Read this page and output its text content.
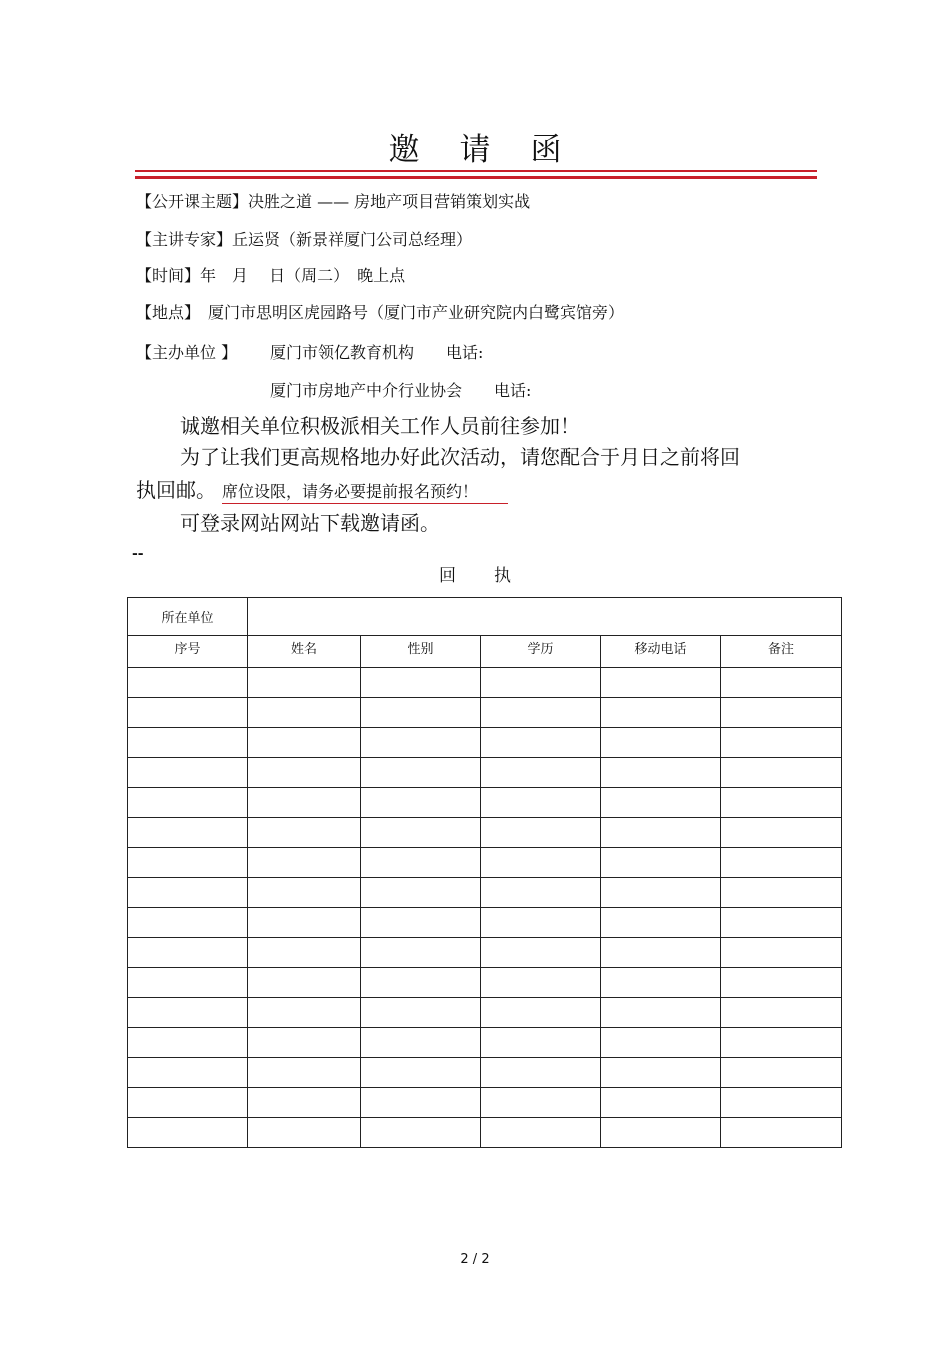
邀请函
【公开课主题】决胜之道 —— 房地产项目营销策划实战
【主讲专家】丘运贤（新景祥厦门公司总经理）
【时间】年　月　 日（周二）　晚上点
【地点】　厦门市思明区虎园路号（厦门市产业研究院内白鹭宾馆旁）
【主办单位 】 厦门市领亿教育机构　　电话:
厦门市房地产中介行业协会　　电话:
诚邀相关单位积极派相关工作人员前往参加！
为了让我们更高规格地办好此次活动，请您配合于月日之前将回
执回邮。 席位设限，请务必要提前报名预约！
可登录网站网站下载邀请函。
--
回执
所在单位					
序号	姓名	性别	学历	移动电话	备注

2 / 2
